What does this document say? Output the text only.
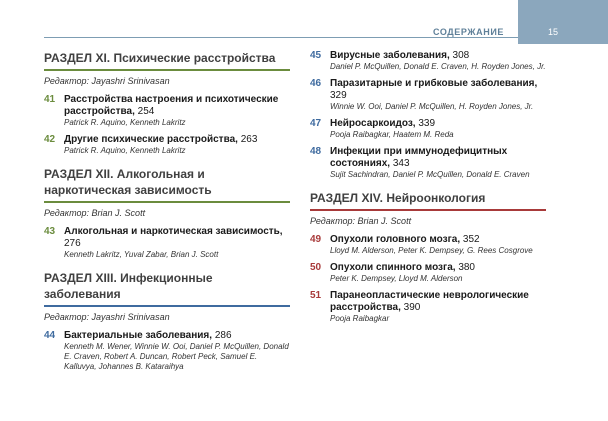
СОДЕРЖАНИЕ	15
РАЗДЕЛ XI. Психические расстройства
Редактор: Jayashri Srinivasan
41 Расстройства настроения и психотические расстройства, 254
Patrick R. Aquino, Kenneth Lakritz
42 Другие психические расстройства, 263
Patrick R. Aquino, Kenneth Lakritz
РАЗДЕЛ XII. Алкогольная и наркотическая зависимость
Редактор: Brian J. Scott
43 Алкогольная и наркотическая зависимость, 276
Kenneth Lakritz, Yuval Zabar, Brian J. Scott
РАЗДЕЛ XIII. Инфекционные заболевания
Редактор: Jayashri Srinivasan
44 Бактериальные заболевания, 286
Kenneth M. Wener, Winnie W. Ooi, Daniel P. McQuillen, Donald E. Craven, Robert A. Duncan, Robert Peck, Samuel E. Kalluvya, Johannes B. Kataraihya
45 Вирусные заболевания, 308
Daniel P. McQuillen, Donald E. Craven, H. Royden Jones, Jr.
46 Паразитарные и грибковые заболевания, 329
Winnie W. Ooi, Daniel P. McQuillen, H. Royden Jones, Jr.
47 Нейросаркоидоз, 339
Pooja Raibagkar, Haatem M. Reda
48 Инфекции при иммунодефицитных состояниях, 343
Sujit Sachindran, Daniel P. McQuillen, Donald E. Craven
РАЗДЕЛ XIV. Нейроонкология
Редактор: Brian J. Scott
49 Опухоли головного мозга, 352
Lloyd M. Alderson, Peter K. Dempsey, G. Rees Cosgrove
50 Опухоли спинного мозга, 380
Peter K. Dempsey, Lloyd M. Alderson
51 Паранеопластические неврологические расстройства, 390
Pooja Raibagkar
